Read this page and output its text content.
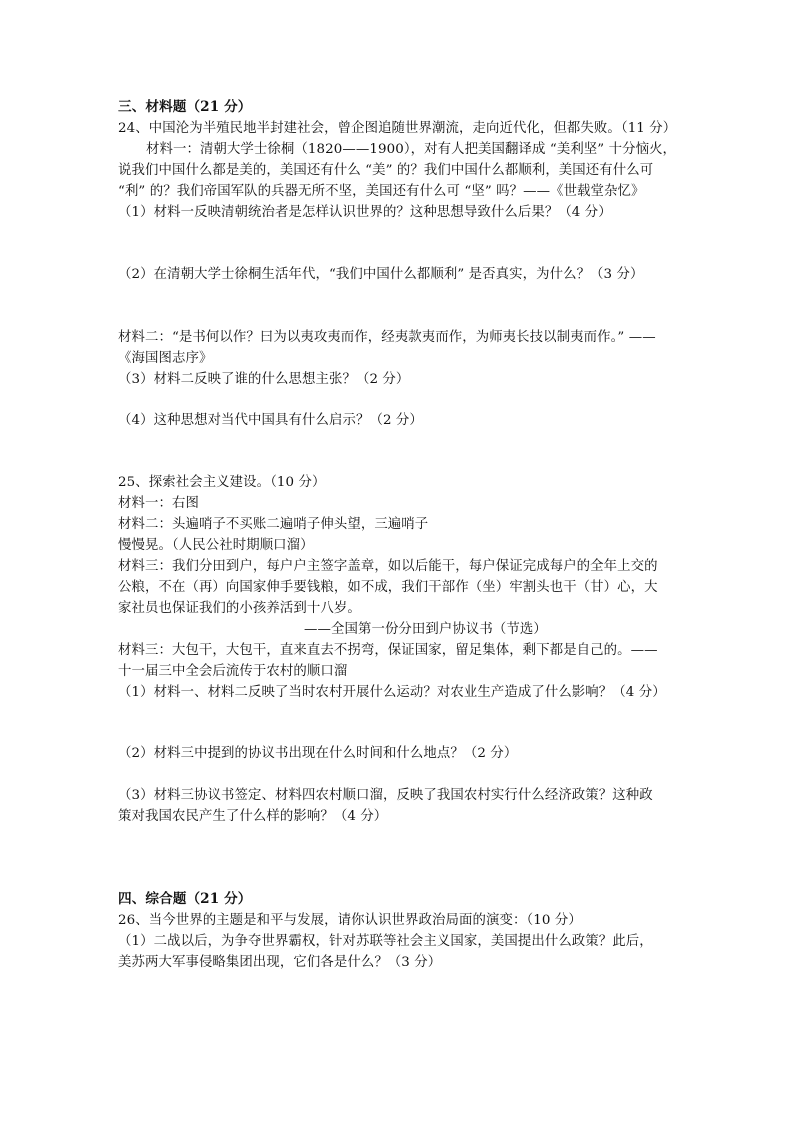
三、材料题（21 分）
24、中国沦为半殖民地半封建社会，曾企图追随世界潮流，走向近代化，但都失败。（11 分）
材料一：清朝大学士徐桐（1820——1900），对有人把美国翻译成 “美利坚” 十分恼火，
说我们中国什么都是美的，美国还有什么 “美” 的？我们中国什么都顺利，美国还有什么可
“利” 的？我们帝国军队的兵器无所不坚，美国还有什么可 “坚” 吗？——《世载堂杂忆》
（1）材料一反映清朝统治者是怎样认识世界的？这种思想导致什么后果？（4 分）
（2）在清朝大学士徐桐生活年代，“我们中国什么都顺利” 是否真实，为什么？（3 分）
材料二：“是书何以作？曰为以夷攻夷而作，经夷款夷而作，为师夷长技以制夷而作。” ——
《海国图志序》
（3）材料二反映了谁的什么思想主张？（2 分）
（4）这种思想对当代中国具有什么启示？（2 分）
25、探索社会主义建设。（10 分）
材料一：右图
材料二：头遍哨子不买账二遍哨子伸头望，三遍哨子
慢慢晃。（人民公社时期顺口溜）
材料三：我们分田到户，每户户主签字盖章，如以后能干，每户保证完成每户的全年上交的
公粮，不在（再）向国家伸手要钱粮，如不成，我们干部作（坐）牢割头也干（甘）心，大
家社员也保证我们的小孩养活到十八岁。
——全国第一份分田到户协议书（节选）
材料三：大包干，大包干，直来直去不拐弯，保证国家，留足集体，剩下都是自己的。——
十一届三中全会后流传于农村的顺口溜
（1）材料一、材料二反映了当时农村开展什么运动？对农业生产造成了什么影响？（4 分）
（2）材料三中提到的协议书出现在什么时间和什么地点？（2 分）
（3）材料三协议书签定、材料四农村顺口溜，反映了我国农村实行什么经济政策？这种政
策对我国农民产生了什么样的影响？（4 分）
四、综合题（21 分）
26、当今世界的主题是和平与发展，请你认识世界政治局面的演变：（10 分）
（1）二战以后，为争夺世界霸权，针对苏联等社会主义国家，美国提出什么政策？此后，
美苏两大军事侵略集团出现，它们各是什么？（3 分）
